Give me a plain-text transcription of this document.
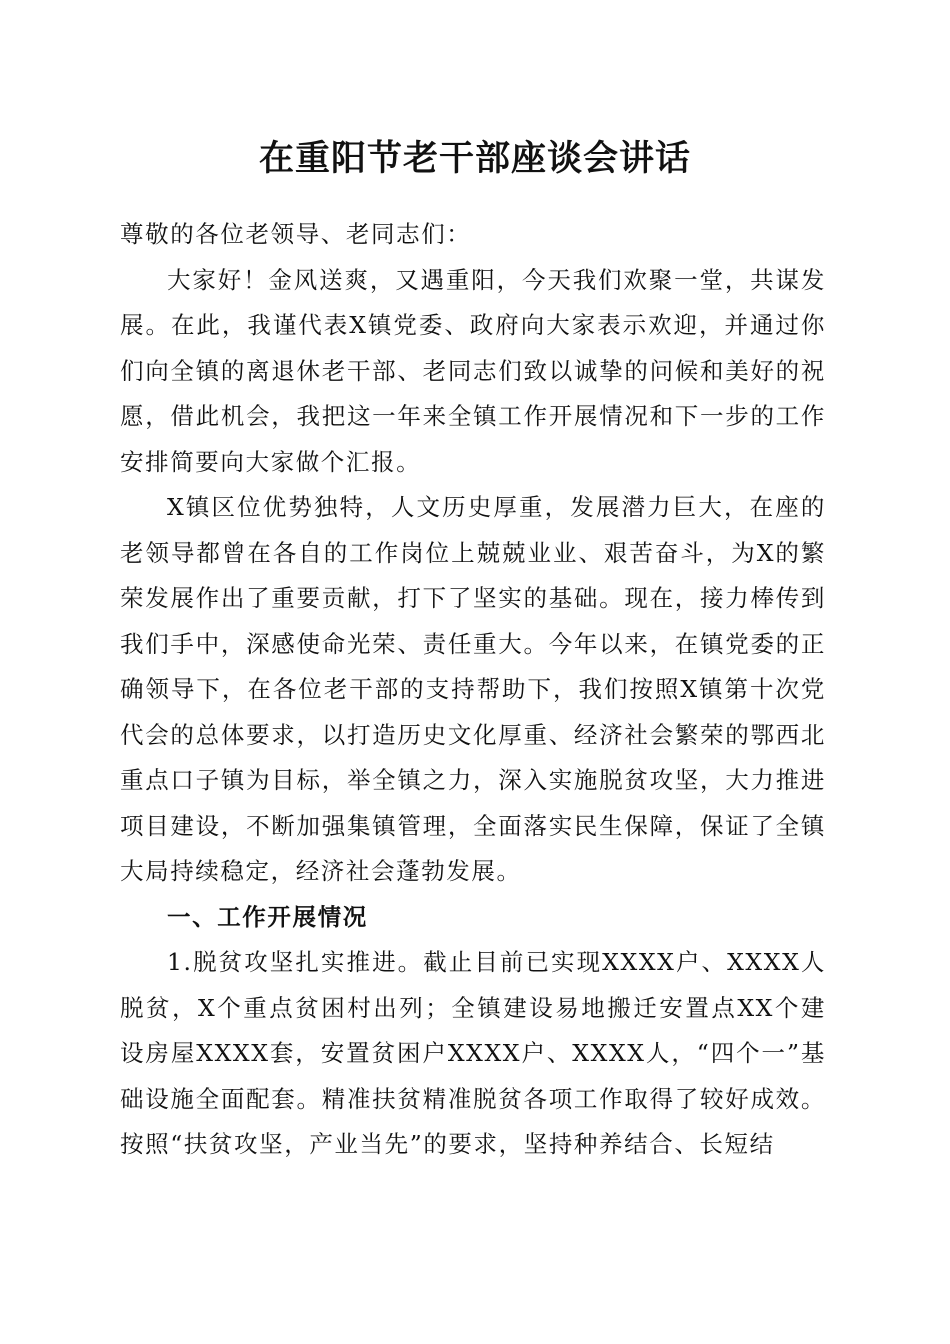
在重阳节老干部座谈会讲话

尊敬的各位老领导、老同志们：

大家好！金风送爽，又遇重阳，今天我们欢聚一堂，共谋发展。在此，我谨代表X镇党委、政府向大家表示欢迎，并通过你们向全镇的离退休老干部、老同志们致以诚挚的问候和美好的祝愿，借此机会，我把这一年来全镇工作开展情况和下一步的工作安排简要向大家做个汇报。

X镇区位优势独特，人文历史厚重，发展潜力巨大，在座的老领导都曾在各自的工作岗位上兢兢业业、艰苦奋斗，为X的繁荣发展作出了重要贡献，打下了坚实的基础。现在，接力棒传到我们手中，深感使命光荣、责任重大。今年以来，在镇党委的正确领导下，在各位老干部的支持帮助下，我们按照X镇第十次党代会的总体要求，以打造历史文化厚重、经济社会繁荣的鄂西北重点口子镇为目标，举全镇之力，深入实施脱贫攻坚，大力推进项目建设，不断加强集镇管理，全面落实民生保障，保证了全镇大局持续稳定，经济社会蓬勃发展。

一、工作开展情况

1.脱贫攻坚扎实推进。截止目前已实现XXXX户、XXXX人脱贫，X个重点贫困村出列；全镇建设易地搬迁安置点XX个建设房屋XXXX套，安置贫困户XXXX户、XXXX人，“四个一”基础设施全面配套。精准扶贫精准脱贫各项工作取得了较好成效。按照“扶贫攻坚，产业当先”的要求，坚持种养结合、长短结
